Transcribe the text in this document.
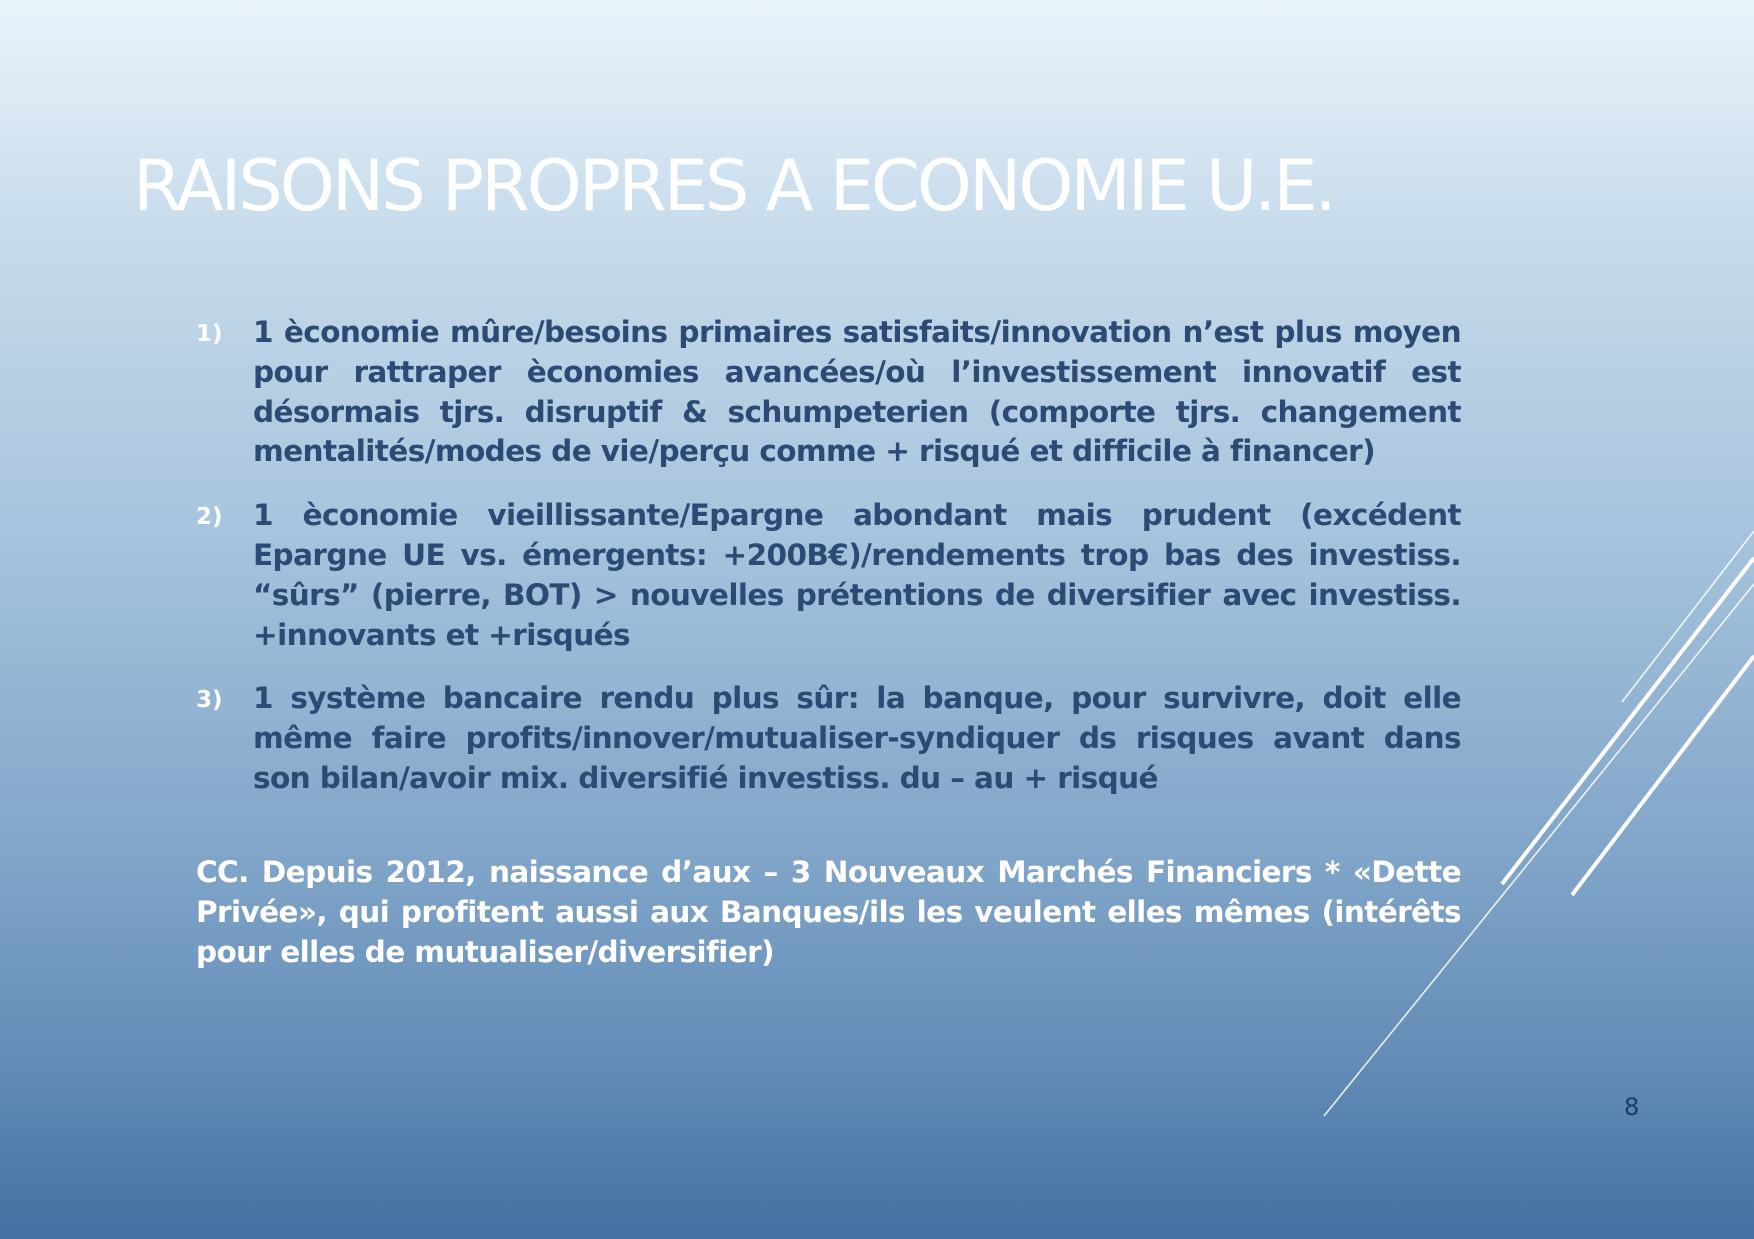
RAISONS PROPRES A ECONOMIE U.E.
1) 1 èconomie mûre/besoins primaires satisfaits/innovation n’est plus moyen pour rattraper èconomies avancées/où l’investissement innovatif est désormais tjrs. disruptif & schumpeterien (comporte tjrs. changement mentalités/modes de vie/perçu comme + risqué et difficile à financer)

2) 1 èconomie vieillissante/Epargne abondant mais prudent (excédent Epargne UE vs. émergents: +200B€)/rendements trop bas des investiss. “sûrs” (pierre, BOT) > nouvelles prétentions de diversifier avec investiss. +innovants et +risqués

3) 1 système bancaire rendu plus sûr: la banque, pour survivre, doit elle même faire profits/innover/mutualiser-syndiquer ds risques avant dans son bilan/avoir mix. diversifié investiss. du – au + risqué

CC. Depuis 2012, naissance d’aux – 3 Nouveaux Marchés Financiers * «Dette Privée», qui profitent aussi aux Banques/ils les veulent elles mêmes (intérêts pour elles de mutualiser/diversifier)

8
